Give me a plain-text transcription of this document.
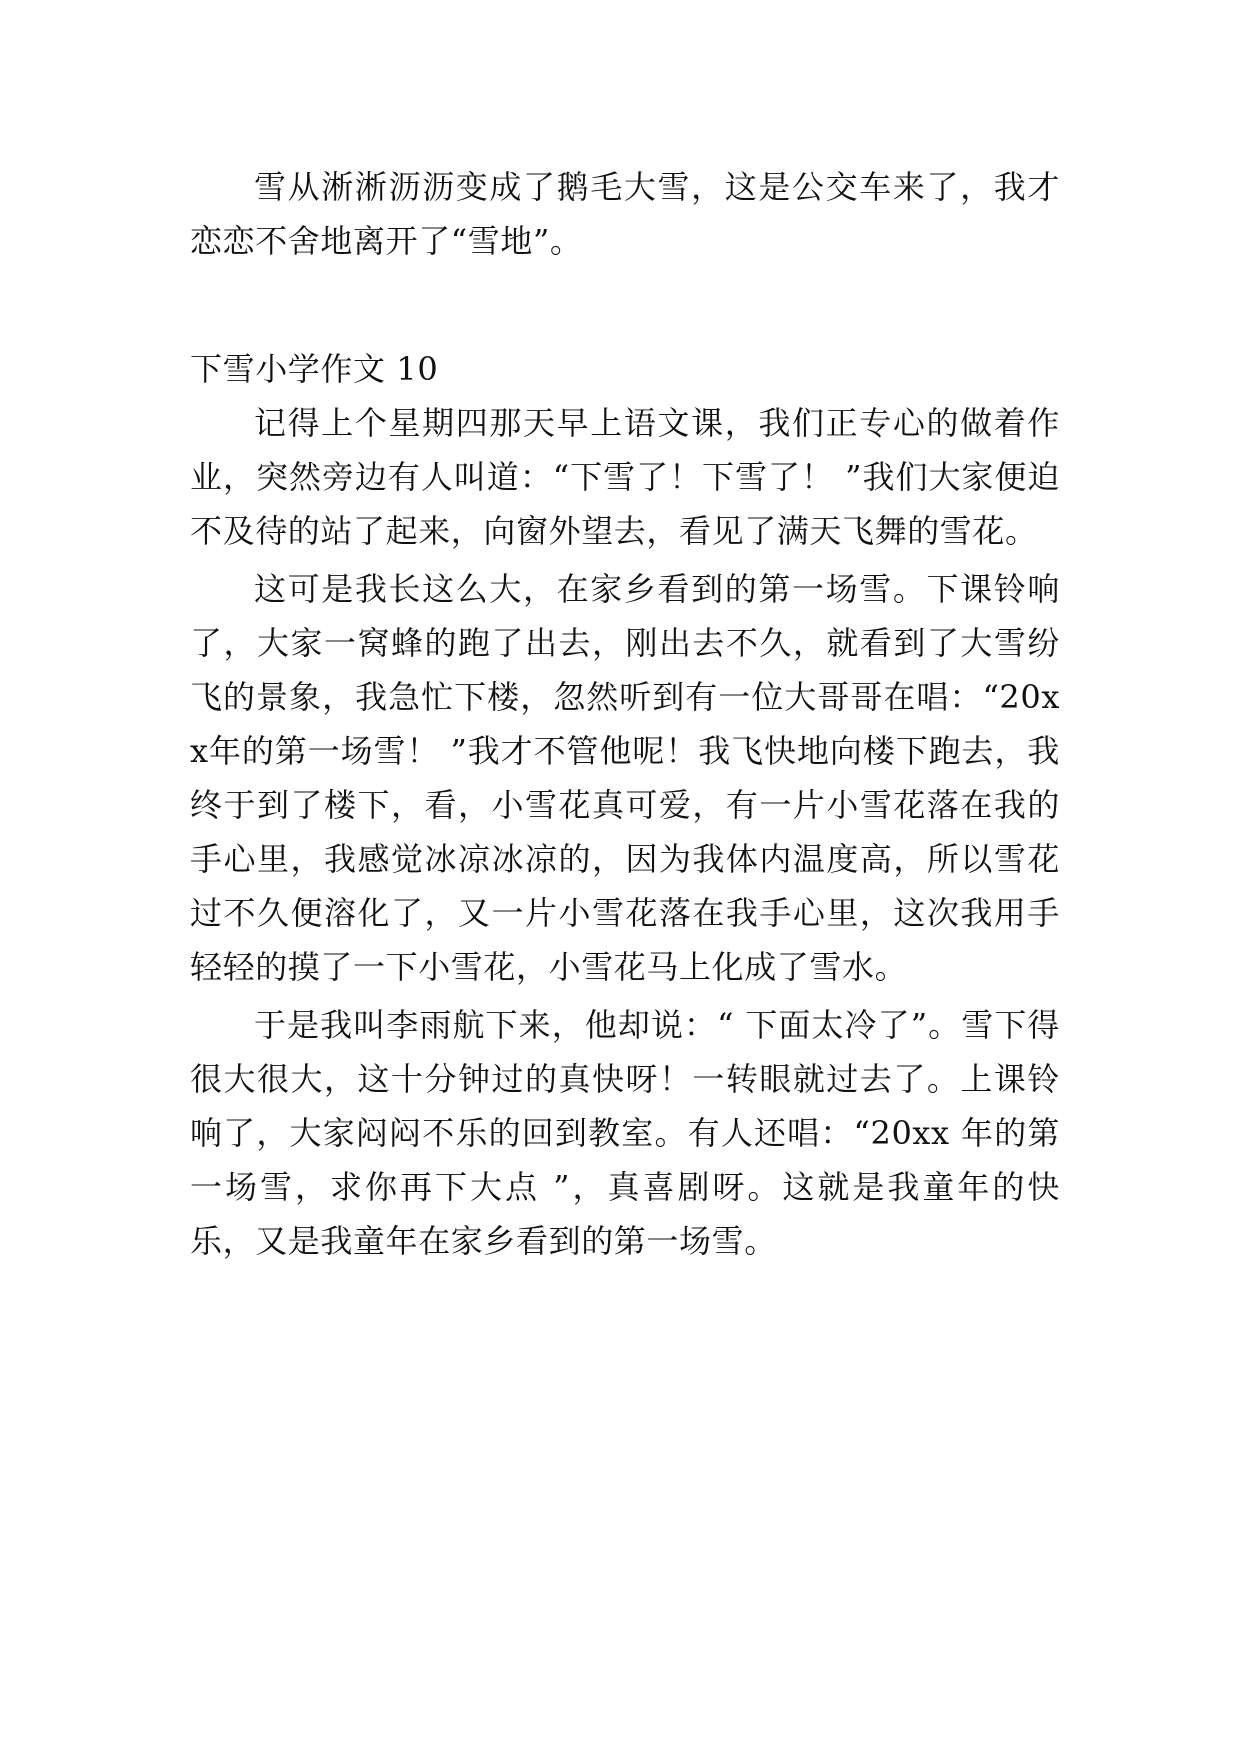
雪从淅淅沥沥变成了鹅毛大雪，这是公交车来了，我才恋恋不舍地离开了“雪地”。

下雪小学作文 10

记得上个星期四那天早上语文课，我们正专心的做着作业，突然旁边有人叫道：“下雪了！下雪了！ ”我们大家便迫不及待的站了起来，向窗外望去，看见了满天飞舞的雪花。

这可是我长这么大，在家乡看到的第一场雪。下课铃响了，大家一窝蜂的跑了出去，刚出去不久，就看到了大雪纷飞的景象，我急忙下楼，忽然听到有一位大哥哥在唱：“20xx年的第一场雪！ ”我才不管他呢！我飞快地向楼下跑去，我终于到了楼下，看，小雪花真可爱，有一片小雪花落在我的手心里，我感觉冰凉冰凉的，因为我体内温度高，所以雪花过不久便溶化了，又一片小雪花落在我手心里，这次我用手轻轻的摸了一下小雪花，小雪花马上化成了雪水。

于是我叫李雨航下来，他却说：“ 下面太冷了”。雪下得很大很大，这十分钟过的真快呀！一转眼就过去了。上课铃响了，大家闷闷不乐的回到教室。有人还唱：“20xx 年的第一场雪，求你再下大点 ”，真喜剧呀。这就是我童年的快乐，又是我童年在家乡看到的第一场雪。
